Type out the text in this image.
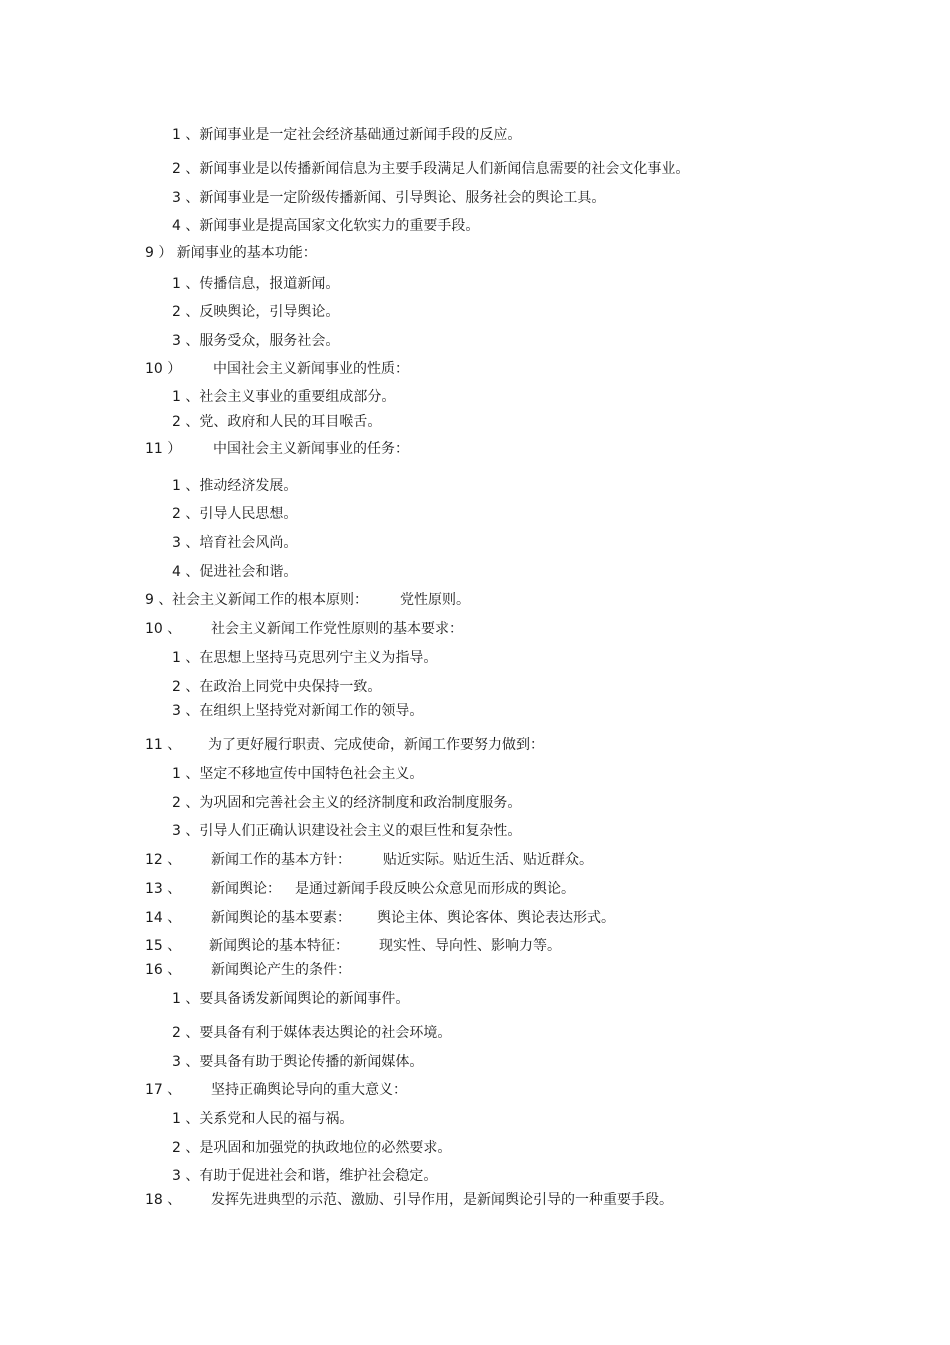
1 、新闻事业是一定社会经济基础通过新闻手段的反应。
2 、新闻事业是以传播新闻信息为主要手段满足人们新闻信息需要的社会文化事业。
3 、新闻事业是一定阶级传播新闻、引导舆论、服务社会的舆论工具。
4 、新闻事业是提高国家文化软实力的重要手段。
9 ） 新闻事业的基本功能：
1 、传播信息，报道新闻。
2 、反映舆论，引导舆论。
3 、服务受众，服务社会。
10 ） 中国社会主义新闻事业的性质：
1 、社会主义事业的重要组成部分。
2 、党、政府和人民的耳目喉舌。
11 ） 中国社会主义新闻事业的任务：
1 、推动经济发展。
2 、引导人民思想。
3 、培育社会风尚。
4 、促进社会和谐。
9 、社会主义新闻工作的根本原则： 党性原则。
10 、 社会主义新闻工作党性原则的基本要求：
1 、在思想上坚持马克思列宁主义为指导。
2 、在政治上同党中央保持一致。
3 、在组织上坚持党对新闻工作的领导。
11 、 为了更好履行职责、完成使命，新闻工作要努力做到：
1 、坚定不移地宣传中国特色社会主义。
2 、为巩固和完善社会主义的经济制度和政治制度服务。
3 、引导人们正确认识建设社会主义的艰巨性和复杂性。
12 、 新闻工作的基本方针： 贴近实际。贴近生活、贴近群众。
13 、 新闻舆论： 是通过新闻手段反映公众意见而形成的舆论。
14 、 新闻舆论的基本要素： 舆论主体、舆论客体、舆论表达形式。
15 、 新闻舆论的基本特征： 现实性、导向性、影响力等。
16 、 新闻舆论产生的条件：
1 、要具备诱发新闻舆论的新闻事件。
2 、要具备有利于媒体表达舆论的社会环境。
3 、要具备有助于舆论传播的新闻媒体。
17 、 坚持正确舆论导向的重大意义：
1 、关系党和人民的福与祸。
2 、是巩固和加强党的执政地位的必然要求。
3 、有助于促进社会和谐，维护社会稳定。
18 、 发挥先进典型的示范、激励、引导作用，是新闻舆论引导的一种重要手段。
